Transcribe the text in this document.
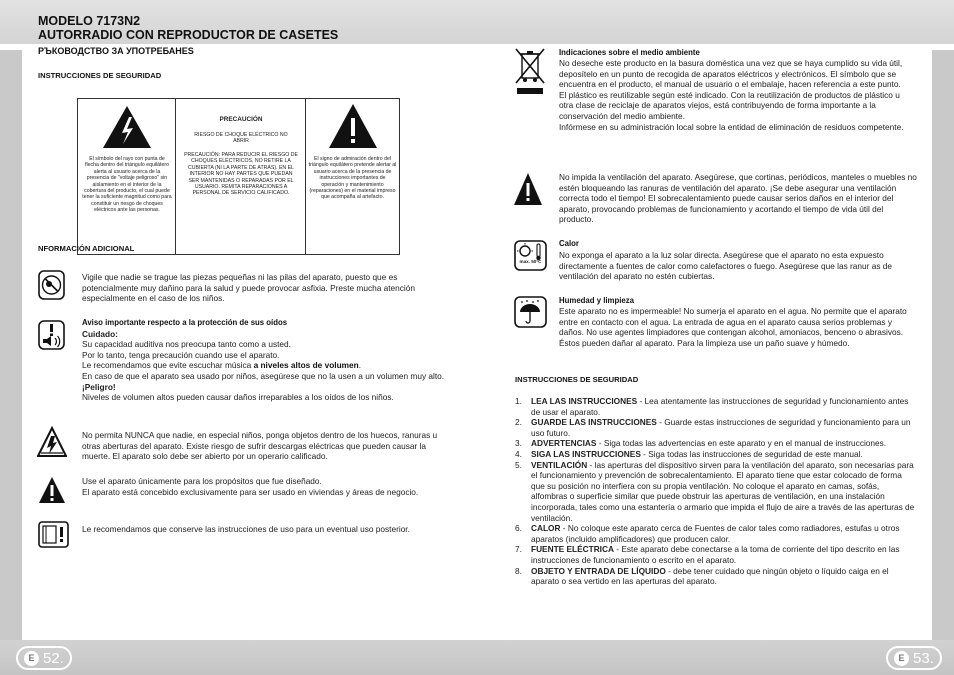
MODELO 7173N2
AUTORRADIO CON REPRODUCTOR DE CASETES
РЪКОВОДСТВО ЗА УПОТРЕБАНЕS
INSTRUCCIONES DE SEGURIDAD
El símbolo del rayo con punta de flecha dentro del triángulo equilátero alerta al usuario acerca de la presencia de "voltaje peligroso" sin aislamiento en el interior de la cobertura del producto, el cual puede tener la suficiente magnitud como para constituir un riesgo de choques eléctricos ante las personas.
PRECAUCIÓN
RIESGO DE CHOQUE ELÉCTRICO NO ABRIR
PRECAUCIÓN: PARA REDUCIR EL RIESGO DE CHOQUES ELÉCTRICOS, NO RETIRE LA CUBIERTA (NI LA PARTE DE ATRÁS). EN EL INTERIOR NO HAY PARTES QUE PUEDAN SER MANTENIDAS O REPARADAS POR EL USUARIO. REMITA REPARACIONES A PERSONAL DE SERVICIO CALIFICADO.
El signo de admiración dentro del triángulo equilátero pretende alertar al usuario acerca de la presencia de instrucciones importantes de operación y mantenimiento (reparaciones) en el material impreso que acompaña al artefacto.
NFORMACIÓN ADICIONAL
Vigile que nadie se trague las piezas pequeñas ni las pilas del aparato, puesto que es potencialmente muy dañino para la salud y puede provocar asfixia. Preste mucha atención especialmente en el caso de los niños.
Aviso importante respecto a la protección de sus oídos
Cuidado:
Su capacidad auditiva nos preocupa tanto como a usted.
Por lo tanto, tenga precaución cuando use el aparato.
Le recomendamos que evite escuchar música a niveles altos de volumen.
En caso de que el aparato sea usado por niños, asegúrese que no la usen a un volumen muy alto.
¡Peligro!
Niveles de volumen altos pueden causar daños irreparables a los oídos de los niños.
No permita NUNCA que nadie, en especial niños, ponga objetos dentro de los huecos, ranuras u otras aberturas del aparato. Existe riesgo de sufrir descargas eléctricas que pueden causar la muerte. El aparato solo debe ser abierto por un operario calificado.
Use el aparato únicamente para los propósitos que fue diseñado.
El aparato está concebido exclusivamente para ser usado en viviendas y áreas de negocio.
Le recomendamos que conserve las instrucciones de uso para un eventual uso posterior.
E 52.
Indicaciones sobre el medio ambiente
No deseche este producto en la basura doméstica una vez que se haya cumplido su vida útil, deposítelo en un punto de recogida de aparatos eléctricos y electrónicos. El símbolo que se encuentra en el producto, el manual de usuario o el embalaje, hacen referencia a este punto.
El plástico es reutilizable según esté indicado. Con la reutilización de productos de plástico u otra clase de reciclaje de aparatos viejos, está contribuyendo de forma importante a la conservación del medio ambiente.
Infórmese en su administración local sobre la entidad de eliminación de residuos competente.
No impida la ventilación del aparato. Asegúrese, que cortinas, periódicos, manteles o muebles no estén bloqueando las ranuras de ventilación del aparato. ¡Se debe asegurar una ventilación correcta todo el tiempo! El sobrecalentamiento puede causar serios daños en el interior del aparato, provocando problemas de funcionamiento y acortando el tiempo de vida útil del producto.
max. 50°C
Calor
No exponga el aparato a la luz solar directa. Asegúrese que el aparato no esta expuesto directamente a fuentes de calor como calefactores o fuego. Asegúrese que las ranur as de ventilación del aparato no estén cubiertas.
Humedad y limpieza
Este aparato no es impermeable! No sumerja el aparato en el agua. No permite que el aparato entre en contacto con el agua. La entrada de agua en el aparato causa serios problemas y daños. No use agentes limpiadores que contengan alcohol, amoniacos, benceno o abrasivos. Éstos pueden dañar al aparato. Para la limpieza use un paño suave y húmedo.
INSTRUCCIONES DE SEGURIDAD
1. LEA LAS INSTRUCCIONES - Lea atentamente las instrucciones de seguridad y funcionamiento antes de usar el aparato.
2. GUARDE LAS INSTRUCCIONES - Guarde estas instrucciones de seguridad y funcionamiento para un uso futuro.
3. ADVERTENCIAS - Siga todas las advertencias en este aparato y en el manual de instrucciones.
4. SIGA LAS INSTRUCCIONES - Siga todas las instrucciones de seguridad de este manual.
5. VENTILACIÓN - las aperturas del dispositivo sirven para la ventilación del aparato, son necesarias para el funcionamiento y prevención de sobrecalentamiento. El aparato tiene que estar colocado de forma que su posición no interfiera con su propia ventilación. No coloque el aparato en camas, sofás, alfombras o superficie similar que puede obstruir las aperturas de ventilación, en una instalación incorporada, tales como una estantería o armario que impida el flujo de aire a través de las aperturas de ventilación.
6. CALOR - No coloque este aparato cerca de Fuentes de calor tales como radiadores, estufas u otros aparatos (incluido amplificadores) que producen calor.
7. FUENTE ELÉCTRICA - Este aparato debe conectarse a la toma de corriente del tipo descrito en las instrucciones de funcionamiento o escrito en el aparato.
8. OBJETO Y ENTRADA DE LÍQUIDO - debe tener cuidado que ningún objeto o líquido caiga en el aparato o sea vertido en las aperturas del aparato.
E 53.
